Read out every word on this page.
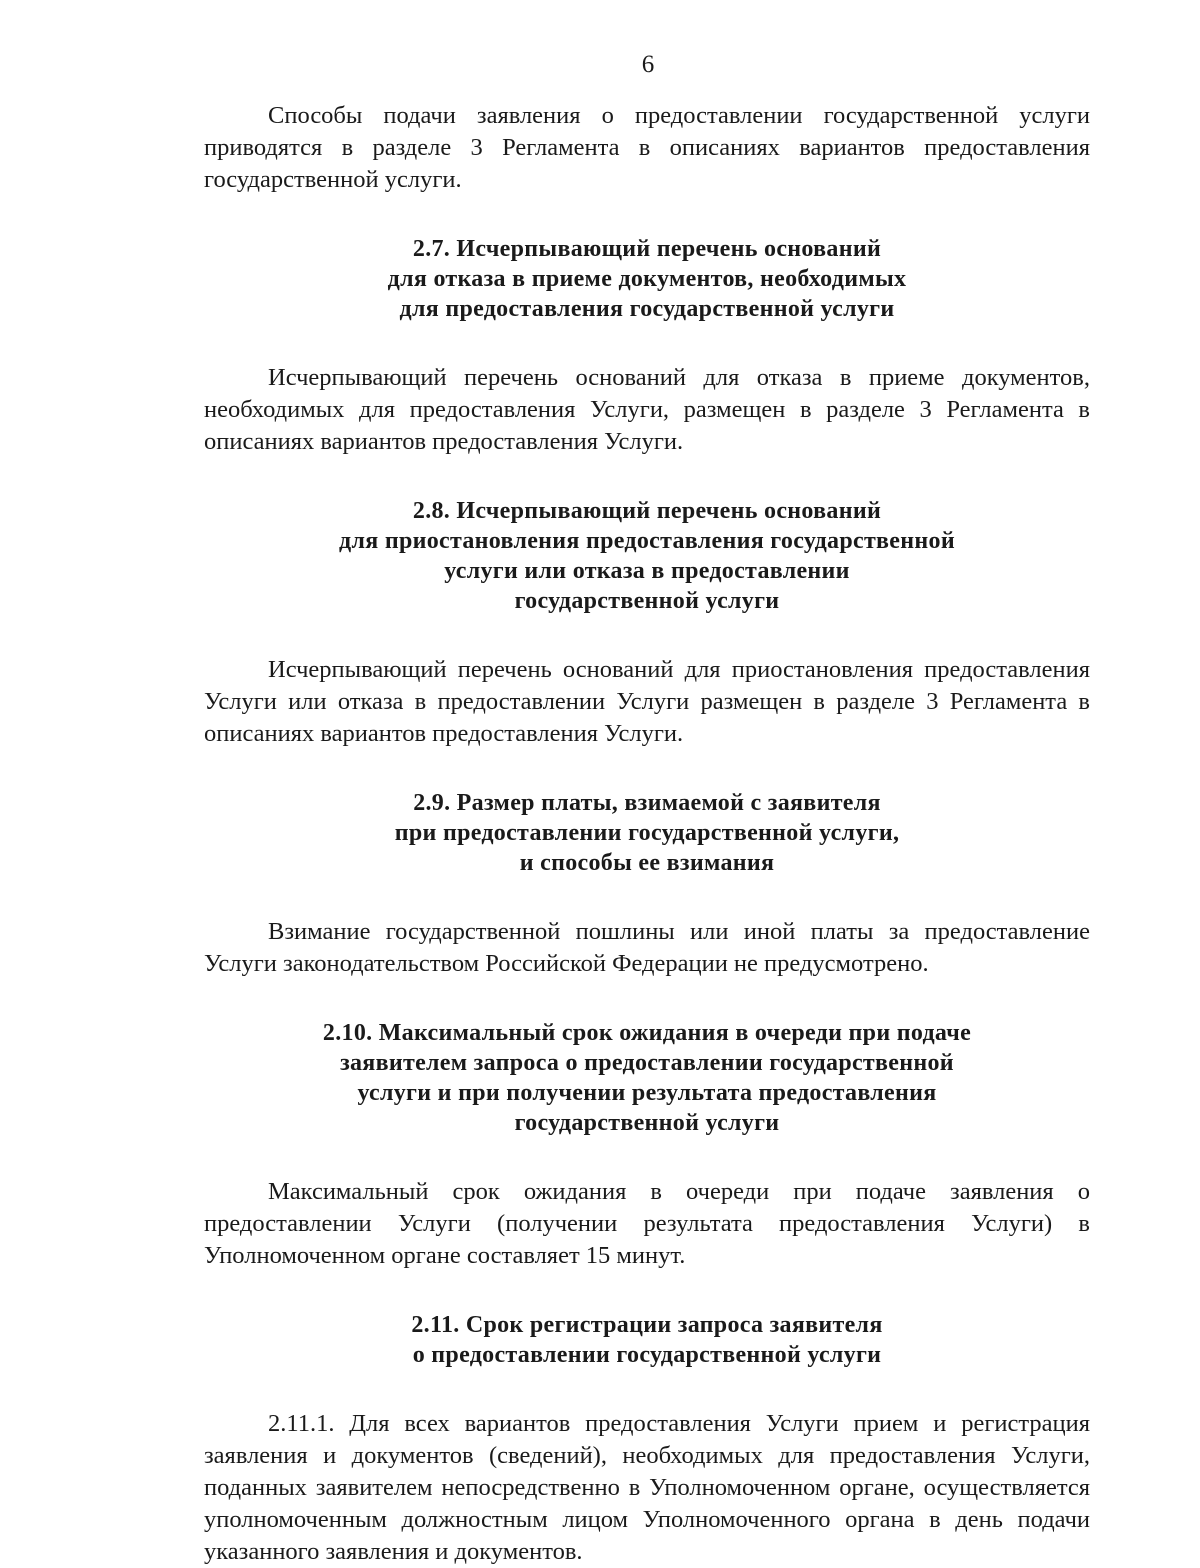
6

Способы подачи заявления о предоставлении государственной услуги приводятся в разделе 3 Регламента в описаниях вариантов предоставления государственной услуги.

2.7. Исчерпывающий перечень оснований
для отказа в приеме документов, необходимых
для предоставления государственной услуги

Исчерпывающий перечень оснований для отказа в приеме документов, необходимых для предоставления Услуги, размещен в разделе 3 Регламента в описаниях вариантов предоставления Услуги.

2.8. Исчерпывающий перечень оснований
для приостановления предоставления государственной
услуги или отказа в предоставлении
государственной услуги

Исчерпывающий перечень оснований для приостановления предоставления Услуги или отказа в предоставлении Услуги размещен в разделе 3 Регламента в описаниях вариантов предоставления Услуги.

2.9. Размер платы, взимаемой с заявителя
при предоставлении государственной услуги,
и способы ее взимания

Взимание государственной пошлины или иной платы за предоставление Услуги законодательством Российской Федерации не предусмотрено.

2.10. Максимальный срок ожидания в очереди при подаче
заявителем запроса о предоставлении государственной
услуги и при получении результата предоставления
государственной услуги

Максимальный срок ожидания в очереди при подаче заявления о предоставлении Услуги (получении результата предоставления Услуги) в Уполномоченном органе составляет 15 минут.

2.11. Срок регистрации запроса заявителя
о предоставлении государственной услуги

2.11.1. Для всех вариантов предоставления Услуги прием и регистрация заявления и документов (сведений), необходимых для предоставления Услуги, поданных заявителем непосредственно в Уполномоченном органе, осуществляется уполномоченным должностным лицом Уполномоченного органа в день подачи указанного заявления и документов.
